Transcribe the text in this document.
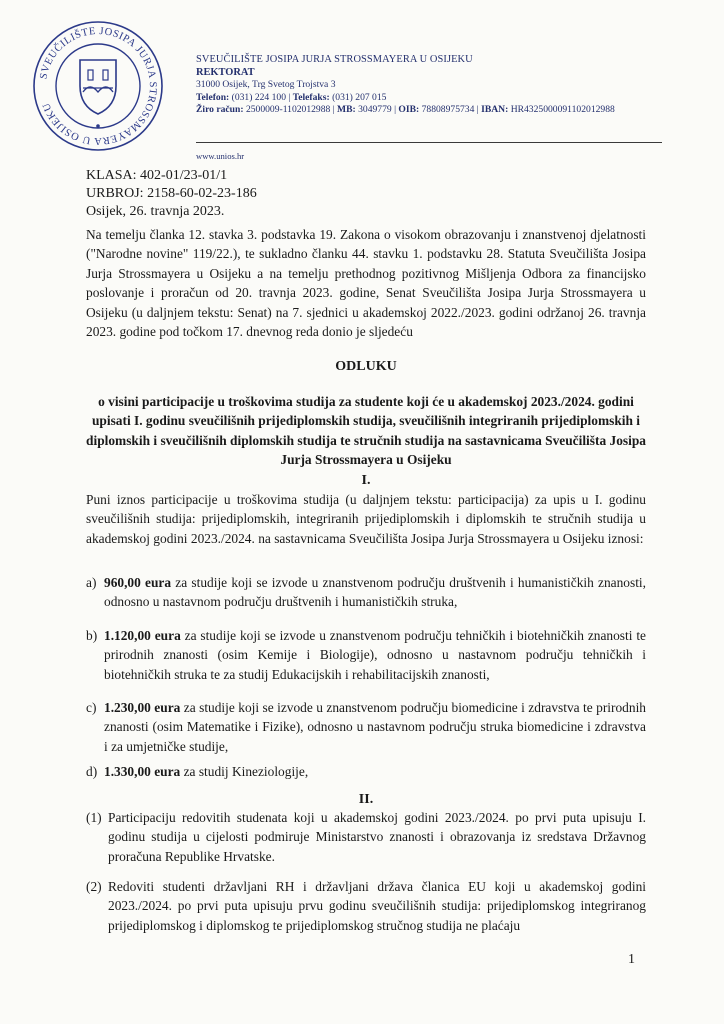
SVEUČILIŠTE JOSIPA JURJA STROSSMAYERA U OSIJEKU
SVEUČILIŠTE JOSIPA JURJA STROSSMAYERA U OSIJEKU
REKTORAT
31000 Osijek, Trg Svetog Trojstva 3
Telefon: (031) 224 100 | Telefaks: (031) 207 015
Žiro račun: 2500009-1102012988 | MB: 3049779 | OIB: 78808975734 | IBAN: HR4325000091102012988
www.unios.hr
KLASA: 402-01/23-01/1
URBROJ: 2158-60-02-23-186
Osijek, 26. travnja 2023.
Na temelju članka 12. stavka 3. podstavka 19. Zakona o visokom obrazovanju i znanstvenoj djelatnosti ("Narodne novine" 119/22.), te sukladno članku 44. stavku 1. podstavku 28. Statuta Sveučilišta Josipa Jurja Strossmayera u Osijeku a na temelju prethodnog pozitivnog Mišljenja Odbora za financijsko poslovanje i proračun od 20. travnja 2023. godine, Senat Sveučilišta Josipa Jurja Strossmayera u Osijeku (u daljnjem tekstu: Senat) na 7. sjednici u akademskoj 2022./2023. godini održanoj 26. travnja 2023. godine pod točkom 17. dnevnog reda donio je sljedeću
ODLUKU
o visini participacije u troškovima studija za studente koji će u akademskoj 2023./2024. godini upisati I. godinu sveučilišnih prijediplomskih studija, sveučilišnih integriranih prijediplomskih i diplomskih i sveučilišnih diplomskih studija te stručnih studija na sastavnicama Sveučilišta Josipa Jurja Strossmayera u Osijeku
I.
Puni iznos participacije u troškovima studija (u daljnjem tekstu: participacija) za upis u I. godinu sveučilišnih studija: prijediplomskih, integriranih prijediplomskih i diplomskih te stručnih studija u akademskoj godini 2023./2024. na sastavnicama Sveučilišta Josipa Jurja Strossmayera u Osijeku iznosi:
a) 960,00 eura za studije koji se izvode u znanstvenom području društvenih i humanističkih znanosti, odnosno u nastavnom području društvenih i humanističkih struka,
b) 1.120,00 eura za studije koji se izvode u znanstvenom području tehničkih i biotehničkih znanosti te prirodnih znanosti (osim Kemije i Biologije), odnosno u nastavnom području tehničkih i biotehničkih struka te za studij Edukacijskih i rehabilitacijskih znanosti,
c) 1.230,00 eura za studije koji se izvode u znanstvenom području biomedicine i zdravstva te prirodnih znanosti (osim Matematike i Fizike), odnosno u nastavnom području struka biomedicine i zdravstva i za umjetničke studije,
d) 1.330,00 eura za studij Kineziologije,
II.
(1) Participaciju redovitih studenata koji u akademskoj godini 2023./2024. po prvi puta upisuju I. godinu studija u cijelosti podmiruje Ministarstvo znanosti i obrazovanja iz sredstava Državnog proračuna Republike Hrvatske.
(2) Redoviti studenti državljani RH i državljani država članica EU koji u akademskoj godini 2023./2024. po prvi puta upisuju prvu godinu sveučilišnih studija: prijediplomskog integriranog prijediplomskog i diplomskog te prijediplomskog stručnog studija ne plaćaju
1
